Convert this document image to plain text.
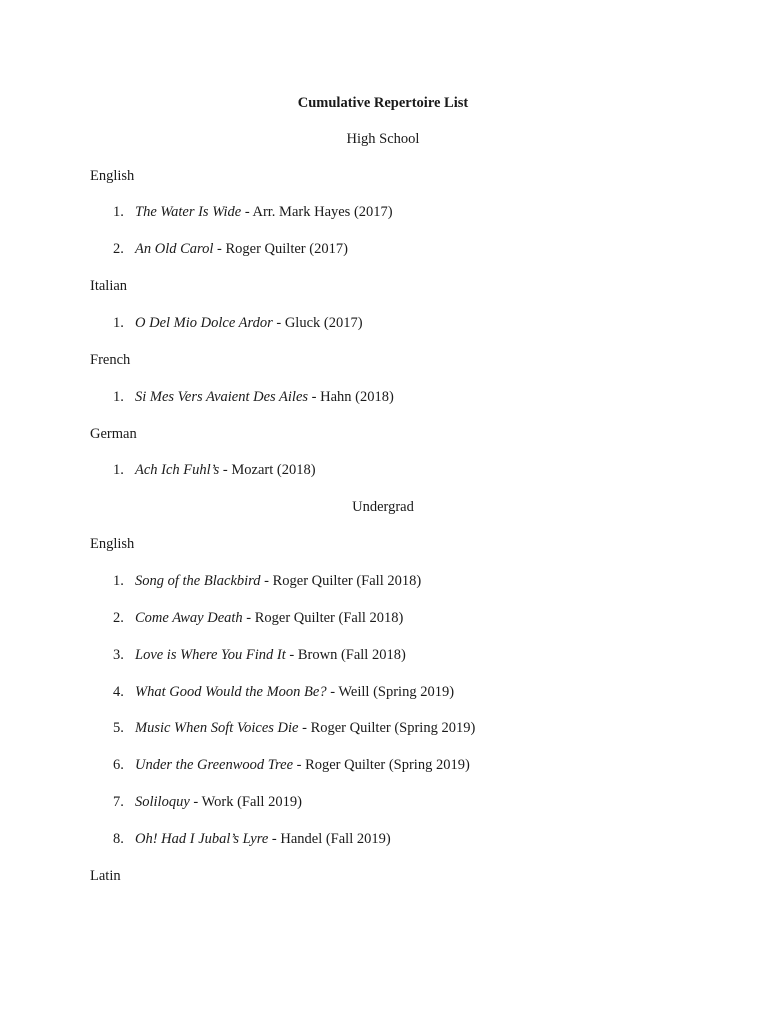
Cumulative Repertoire List
High School
English
1. The Water Is Wide - Arr. Mark Hayes (2017)
2. An Old Carol - Roger Quilter (2017)
Italian
1. O Del Mio Dolce Ardor - Gluck (2017)
French
1. Si Mes Vers Avaient Des Ailes - Hahn (2018)
German
1. Ach Ich Fuhl’s - Mozart (2018)
Undergrad
English
1. Song of the Blackbird - Roger Quilter (Fall 2018)
2. Come Away Death - Roger Quilter (Fall 2018)
3. Love is Where You Find It - Brown (Fall 2018)
4. What Good Would the Moon Be? - Weill (Spring 2019)
5. Music When Soft Voices Die - Roger Quilter (Spring 2019)
6. Under the Greenwood Tree - Roger Quilter (Spring 2019)
7. Soliloquy - Work (Fall 2019)
8. Oh! Had I Jubal’s Lyre - Handel (Fall 2019)
Latin
